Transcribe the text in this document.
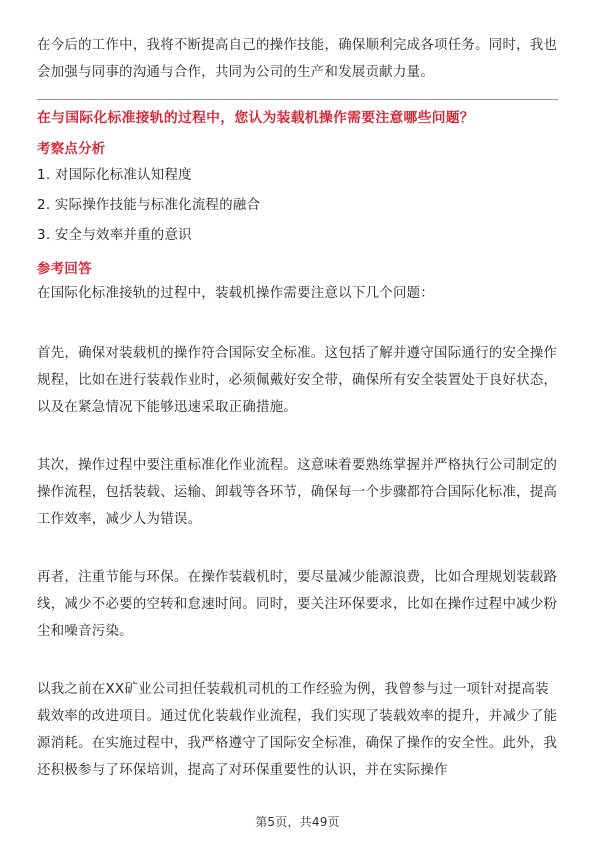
在今后的工作中，我将不断提高自己的操作技能，确保顺利完成各项任务。同时，我也会加强与同事的沟通与合作，共同为公司的生产和发展贡献力量。

在与国际化标准接轨的过程中，您认为装载机操作需要注意哪些问题？
考察点分析
1. 对国际化标准认知程度
2. 实际操作技能与标准化流程的融合
3. 安全与效率并重的意识
参考回答

在国际化标准接轨的过程中，装载机操作需要注意以下几个问题：

首先，确保对装载机的操作符合国际安全标准。这包括了解并遵守国际通行的安全操作规程，比如在进行装载作业时，必须佩戴好安全带，确保所有安全装置处于良好状态，以及在紧急情况下能够迅速采取正确措施。

其次，操作过程中要注重标准化作业流程。这意味着要熟练掌握并严格执行公司制定的操作流程，包括装载、运输、卸载等各环节，确保每一个步骤都符合国际化标准，提高工作效率，减少人为错误。

再者，注重节能与环保。在操作装载机时，要尽量减少能源浪费，比如合理规划装载路线，减少不必要的空转和怠速时间。同时，要关注环保要求，比如在操作过程中减少粉尘和噪音污染。

以我之前在XX矿业公司担任装载机司机的工作经验为例，我曾参与过一项针对提高装载效率的改进项目。通过优化装载作业流程，我们实现了装载效率的提升，并减少了能源消耗。在实施过程中，我严格遵守了国际安全标准，确保了操作的安全性。此外，我还积极参与了环保培训，提高了对环保重要性的认识，并在实际操作

第5页，共49页
